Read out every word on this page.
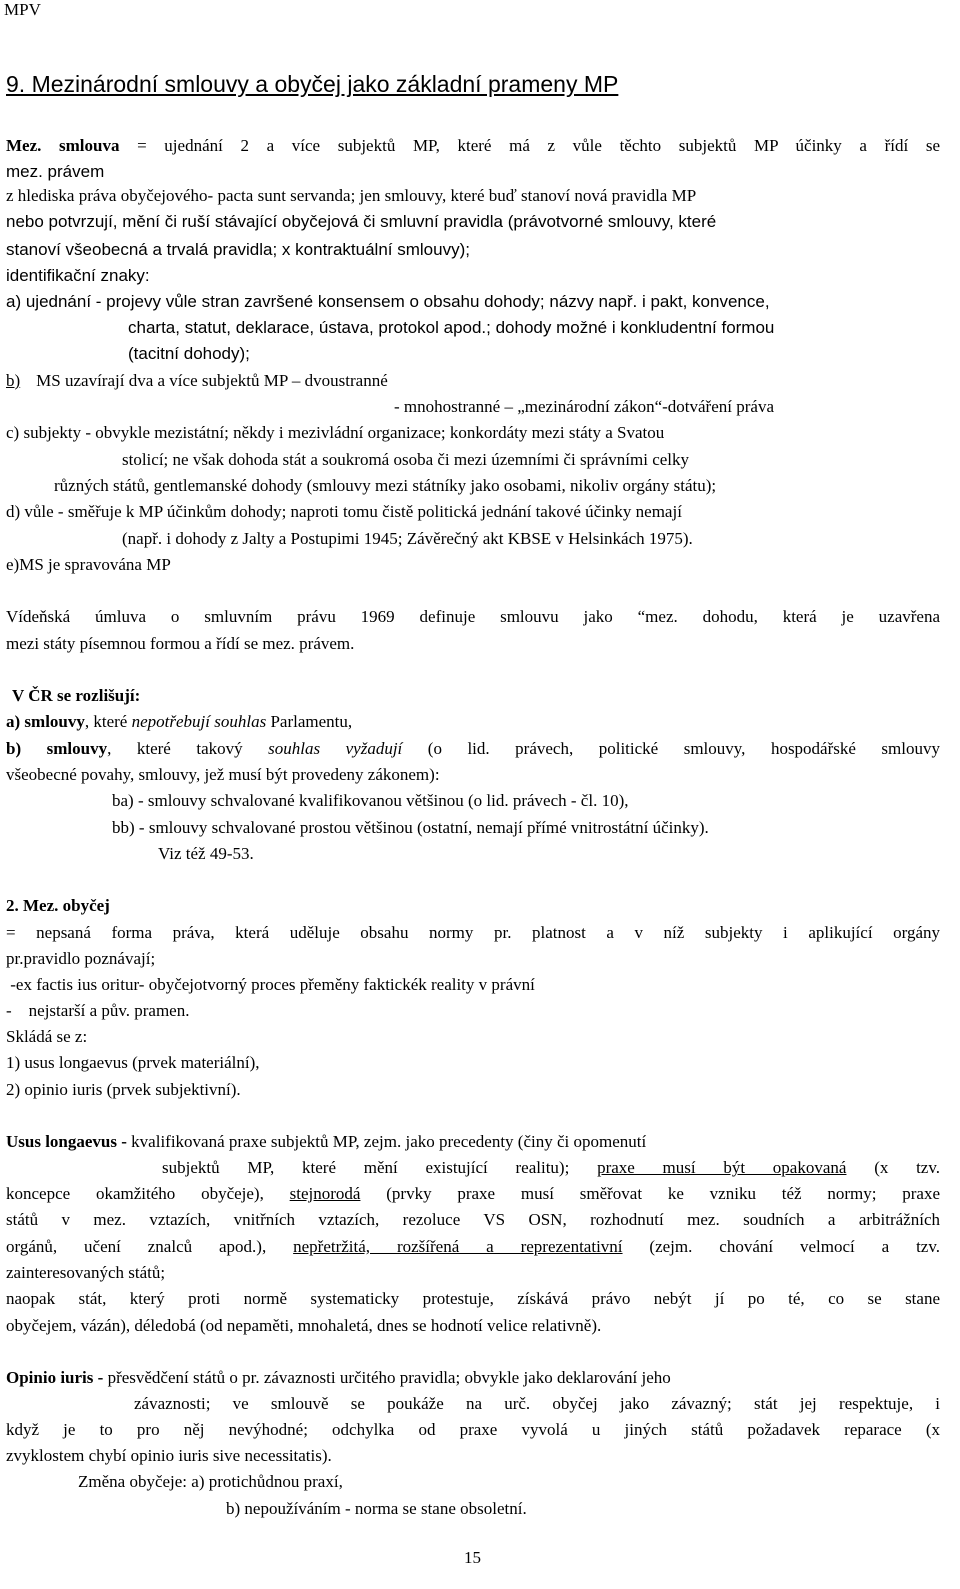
MPV
9. Mezinárodní smlouvy a obyčej jako základní prameny MP
Mez. smlouva = ujednání 2 a více subjektů MP, které má z vůle těchto subjektů MP účinky a řídí se
mez. právem
z hlediska práva obyčejového- pacta sunt servanda; jen smlouvy, které buď stanoví nová pravidla MP
nebo potvrzují, mění či ruší stávající obyčejová či smluvní pravidla (právotvorné smlouvy, které
stanoví všeobecná a trvalá pravidla; x kontraktuální smlouvy);
identifikační znaky:
a) ujednání - projevy vůle stran završené konsensem o obsahu dohody; názvy např. i pakt, konvence,
charta, statut, deklarace, ústava, protokol apod.; dohody možné i konkludentní formou
(tacitní dohody);
b) MS uzavírají dva a více subjektů MP – dvoustranné
- mnohostranné – „mezinárodní zákon“-dotváření práva
c) subjekty - obvykle mezistátní; někdy i mezivládní organizace; konkordáty mezi státy a Svatou
stolicí; ne však dohoda stát a soukromá osoba či mezi územními či správními celky
různých států, gentlemanské dohody (smlouvy mezi státníky jako osobami, nikoliv orgány státu);
d) vůle - směřuje k MP účinkům dohody; naproti tomu čistě politická jednání takové účinky nemají
(např. i dohody z Jalty a Postupimi 1945; Závěrečný akt KBSE v Helsinkách 1975).
e)MS je spravována MP
Vídeňská úmluva o smluvním právu 1969 definuje smlouvu jako “mez. dohodu, která je uzavřena
mezi státy písemnou formou a řídí se mez. právem.
V ČR se rozlišují:
a) smlouvy, které nepotřebují souhlas Parlamentu,
b) smlouvy, které takový souhlas vyžadují (o lid. právech, politické smlouvy, hospodářské smlouvy
všeobecné povahy, smlouvy, jež musí být provedeny zákonem):
ba) - smlouvy schvalované kvalifikovanou většinou (o lid. právech - čl. 10),
bb) - smlouvy schvalované prostou většinou (ostatní, nemají přímé vnitrostátní účinky).
Viz též 49-53.
2. Mez. obyčej
= nepsaná forma práva, která uděluje obsahu normy pr. platnost a v níž subjekty i aplikující orgány
pr.pravidlo poznávají;
-ex factis ius oritur- obyčejotvorný proces přeměny faktickék reality v právní
-    nejstarší a pův. pramen.
Skládá se z:
1) usus longaevus (prvek materiální),
2) opinio iuris (prvek subjektivní).
Usus longaevus - kvalifikovaná praxe subjektů MP, zejm. jako precedenty (činy či opomenutí
subjektů MP, které mění existující realitu); praxe musí být opakovaná (x tzv.
koncepce okamžitého obyčeje), stejnorodá (prvky praxe musí směřovat ke vzniku též normy; praxe
států v mez. vztazích, vnitřních vztazích, rezoluce VS OSN, rozhodnutí mez. soudních a arbitrážních
orgánů, učení znalců apod.), nepřetržitá, rozšířená a reprezentativní (zejm. chování velmocí a tzv.
zainteresovaných států;
naopak stát, který proti normě systematicky protestuje, získává právo nebýt jí po té, co se stane
obyčejem, vázán), déledobá (od nepaměti, mnohaletá, dnes se hodnotí velice relativně).
Opinio iuris - přesvědčení států o pr. závaznosti určitého pravidla; obvykle jako deklarování jeho
závaznosti; ve smlouvě se poukáže na urč. obyčej jako závazný; stát jej respektuje, i
když je to pro něj nevýhodné; odchylka od praxe vyvolá u jiných států požadavek reparace (x
zvyklostem chybí opinio iuris sive necessitatis).
Změna obyčeje: a) protichůdnou praxí,
b) nepoužíváním - norma se stane obsoletní.
15
